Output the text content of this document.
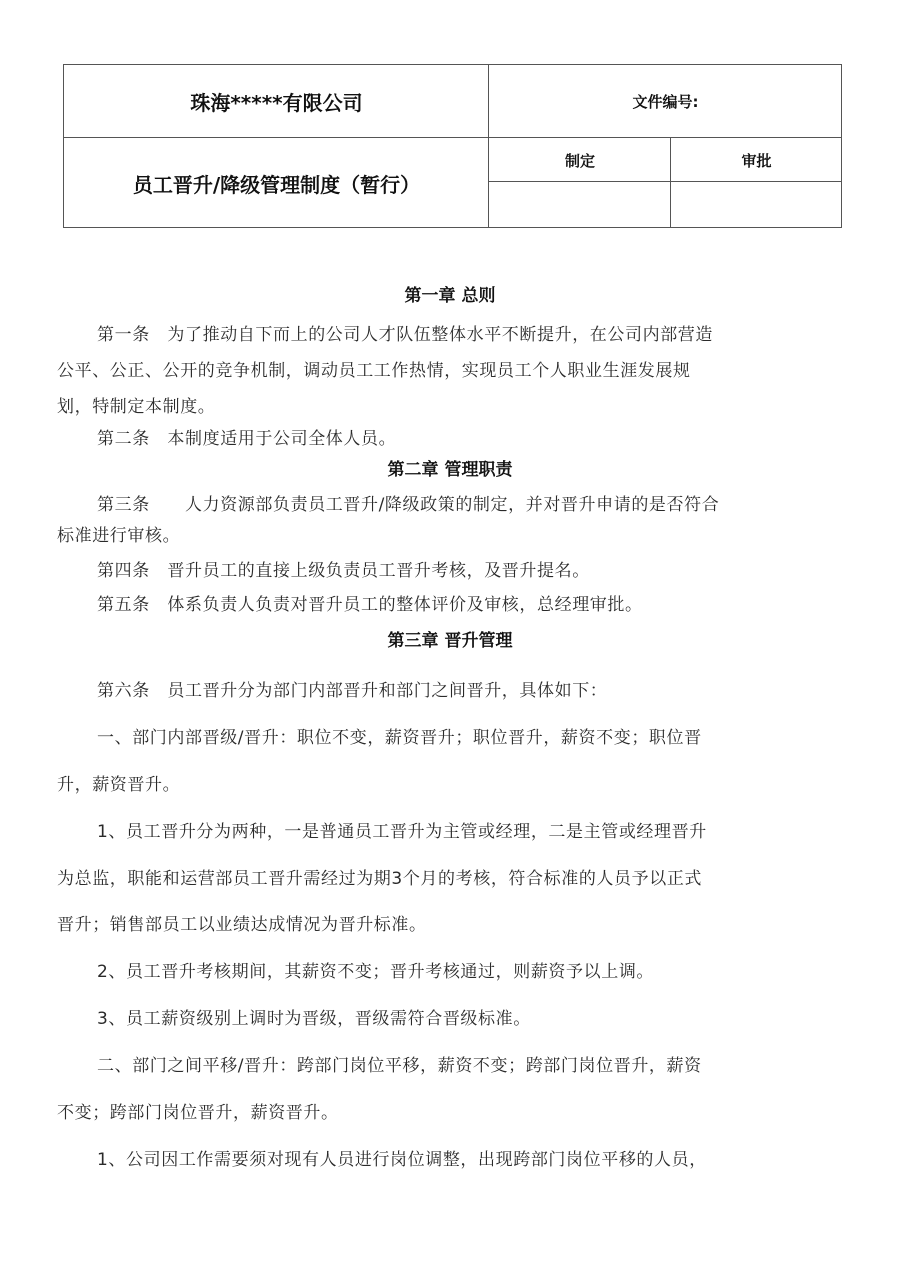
珠海*****有限公司
员工晋升/降级管理制度（暂行）
文件编号:
制定	审批
第一章 总则
第一条　为了推动自下而上的公司人才队伍整体水平不断提升，在公司内部营造
公平、公正、公开的竞争机制，调动员工工作热情，实现员工个人职业生涯发展规
划，特制定本制度。
第二条　本制度适用于公司全体人员。
第二章 管理职责
第三条　　人力资源部负责员工晋升/降级政策的制定，并对晋升申请的是否符合
标准进行审核。
第四条　晋升员工的直接上级负责员工晋升考核，及晋升提名。
第五条　体系负责人负责对晋升员工的整体评价及审核，总经理审批。
第三章 晋升管理
第六条　员工晋升分为部门内部晋升和部门之间晋升，具体如下：
一、部门内部晋级/晋升：职位不变，薪资晋升；职位晋升，薪资不变；职位晋
升，薪资晋升。
1、员工晋升分为两种，一是普通员工晋升为主管或经理，二是主管或经理晋升
为总监，职能和运营部员工晋升需经过为期3个月的考核，符合标准的人员予以正式
晋升；销售部员工以业绩达成情况为晋升标准。
2、员工晋升考核期间，其薪资不变；晋升考核通过，则薪资予以上调。
3、员工薪资级别上调时为晋级，晋级需符合晋级标准。
二、部门之间平移/晋升：跨部门岗位平移，薪资不变；跨部门岗位晋升，薪资
不变；跨部门岗位晋升，薪资晋升。
1、公司因工作需要须对现有人员进行岗位调整，出现跨部门岗位平移的人员，
